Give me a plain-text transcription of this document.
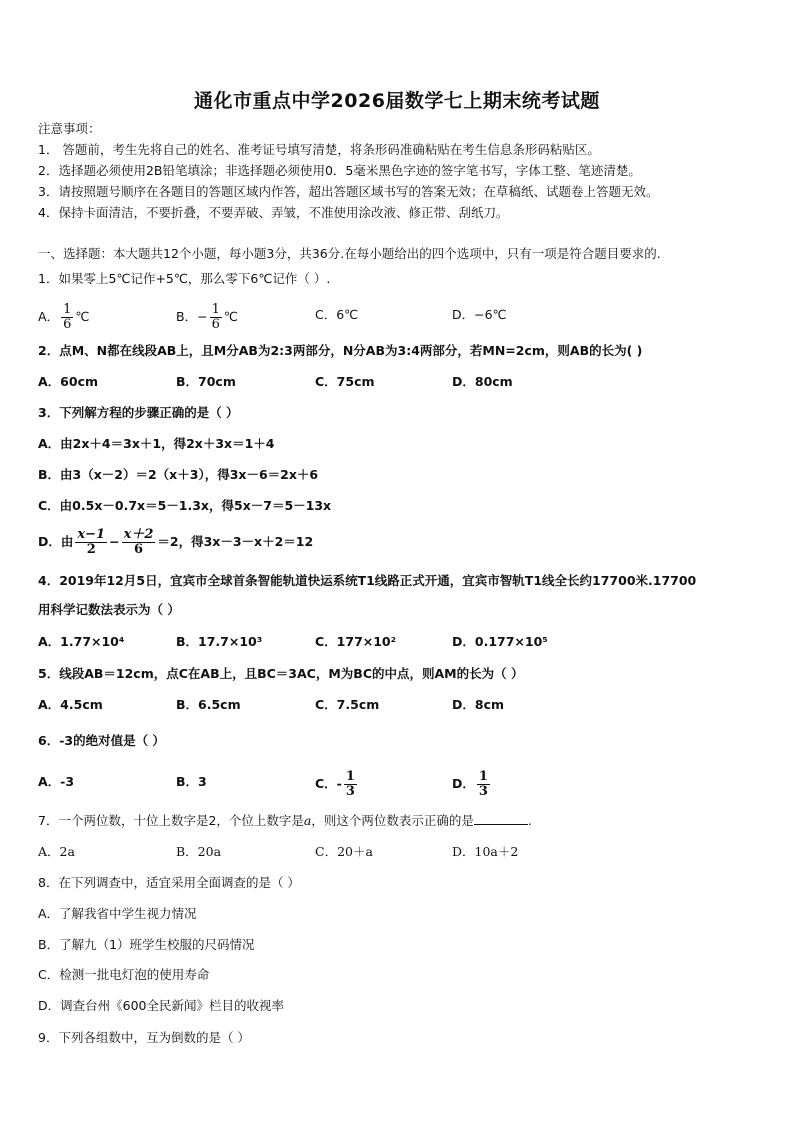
通化市重点中学2026届数学七上期末统考试题
注意事项：
1． 答题前，考生先将自己的姓名、准考证号填写清楚，将条形码准确粘贴在考生信息条形码粘贴区。
2．选择题必须使用2B铅笔填涂；非选择题必须使用0．5毫米黑色字迹的签字笔书写，字体工整、笔迹清楚。
3．请按照题号顺序在各题目的答题区域内作答，超出答题区域书写的答案无效；在草稿纸、试题卷上答题无效。
4．保持卡面清洁，不要折叠，不要弄破、弄皱，不准使用涂改液、修正带、刮纸刀。
一、选择题：本大题共12个小题，每小题3分，共36分.在每小题给出的四个选项中，只有一项是符合题目要求的.
1．如果零上5℃记作+5℃，那么零下6℃记作（ ）.
A． $\frac{1}{6}$ ℃	B．− $\frac{1}{6}$ ℃	C．6℃	D．−6℃
2．点M、N都在线段AB上，且M分AB为2:3两部分，N分AB为3:4两部分，若MN=2cm，则AB的长为( )
A．60cm	B．70cm	C．75cm	D．80cm
3．下列解方程的步骤正确的是（ ）
A．由2x＋4＝3x＋1，得2x＋3x＝1＋4
B．由3（x－2）＝2（x＋3），得3x－6＝2x＋6
C．由0.5x－0.7x＝5－1.3x，得5x－7＝5－13x
D．由 $\frac{x-1}{2} - \frac{x+2}{6} =2$，得3x－3－x＋2＝12
4．2019年12月5日，宜宾市全球首条智能轨道快运系统T1线路正式开通，宜宾市智轨T1线全长约17700米.17700
用科学记数法表示为（ ）
A．1.77×10⁴	B．17.7×10³	C．177×10²	D．0.177×10⁵
5．线段AB＝12cm，点C在AB上，且BC＝3AC，M为BC的中点，则AM的长为（ ）
A．4.5cm	B．6.5cm	C．7.5cm	D．8cm
6．-3的绝对值是（ ）
A．-3	B．3	C．- $\frac{1}{3}$	D． $\frac{1}{3}$
7．一个两位数，十位上数字是2，个位上数字是a，则这个两位数表示正确的是	.
A．2a	B．20a	C．20＋a	D．10a＋2
8．在下列调查中，适宜采用全面调查的是（ ）
A．了解我省中学生视力情况
B．了解九（1）班学生校服的尺码情况
C．检测一批电灯泡的使用寿命
D．调查台州《600全民新闻》栏目的收视率
9．下列各组数中，互为倒数的是（ ）
